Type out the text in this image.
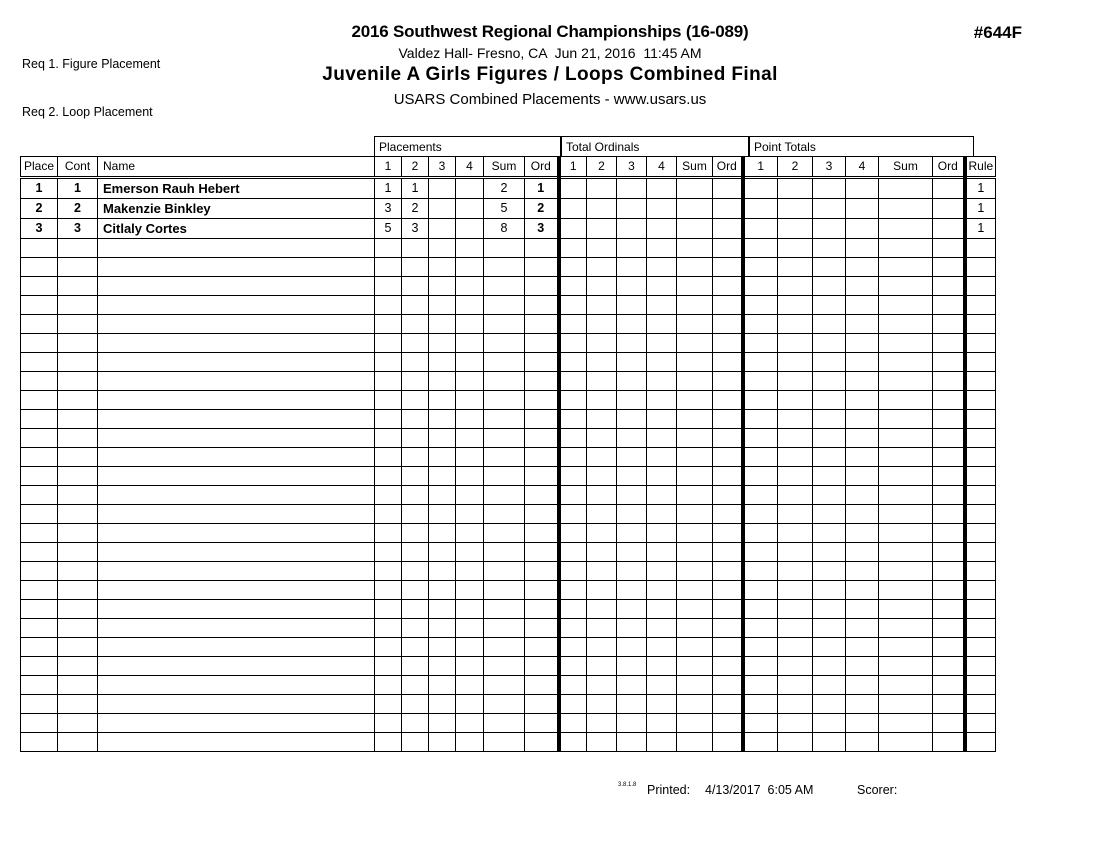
Req 1. Figure Placement

Req 2. Loop Placement

#644F
2016 Southwest Regional Championships (16-089)
Valdez Hall- Fresno, CA  Jun 21, 2016  11:45 AM
Juvenile A Girls Figures / Loops Combined Final
USARS Combined Placements - www.usars.us
Placements	Total Ordinals	Point Totals
Place	Cont	Name	1	2	3	4	Sum	Ord	1	2	3	4	Sum	Ord	1	2	3	4	Sum	Ord	Rule
1	1	Emerson Rauh Hebert	1	1			2	1													1
2	2	Makenzie Binkley	3	2			5	2													1
3	3	Citlaly Cortes	5	3			8	3													1

3.8.1.8 Printed: 4/13/2017  6:05 AM	Scorer:
